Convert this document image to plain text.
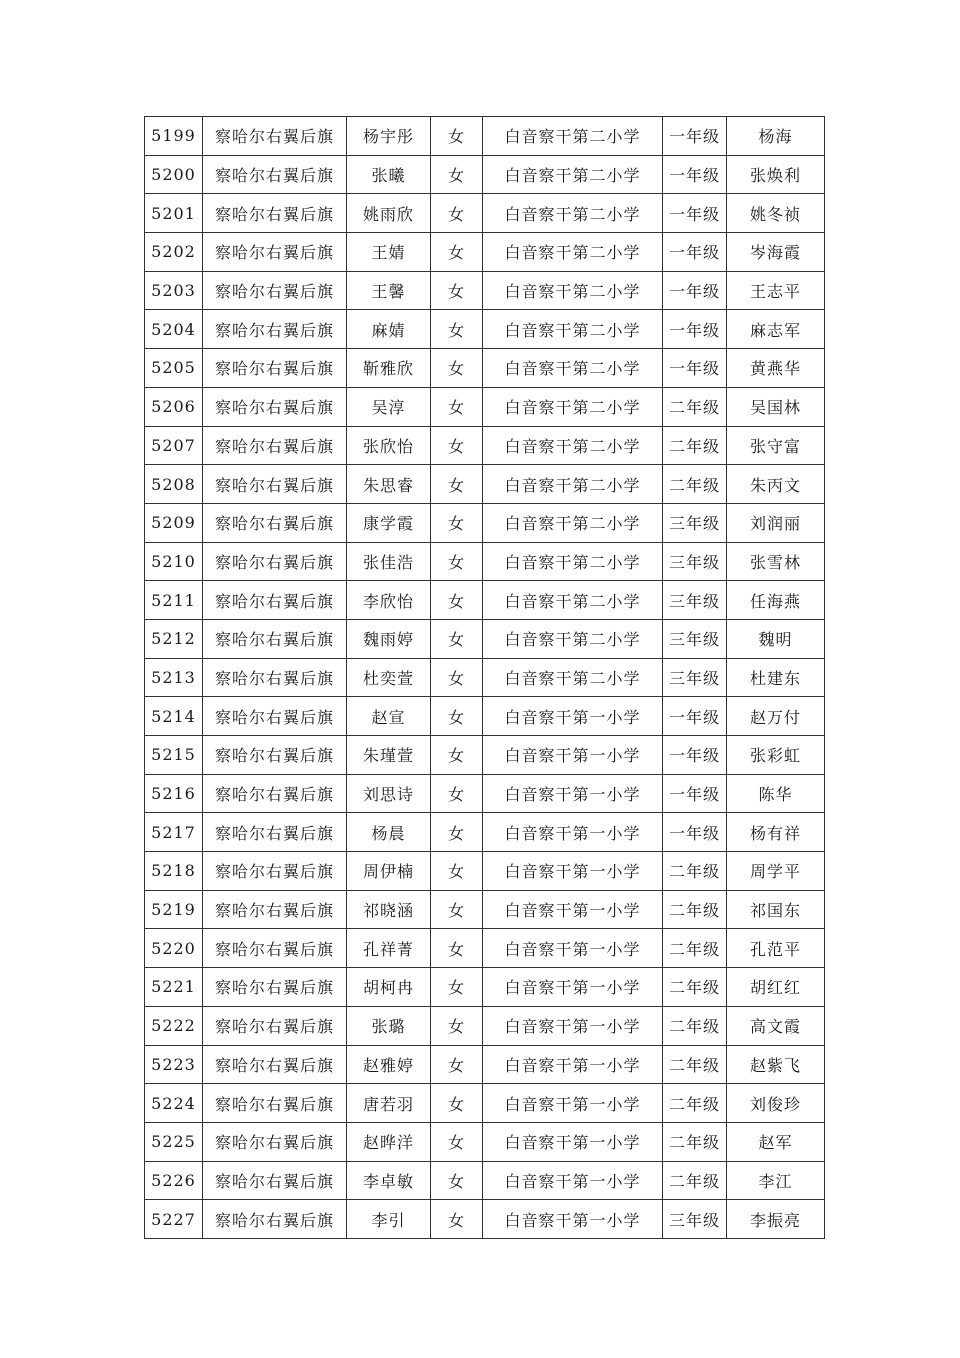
5199	察哈尔右翼后旗	杨宇彤	女	白音察干第二小学	一年级	杨海
5200	察哈尔右翼后旗	张曦	女	白音察干第二小学	一年级	张焕利
5201	察哈尔右翼后旗	姚雨欣	女	白音察干第二小学	一年级	姚冬祯
5202	察哈尔右翼后旗	王婧	女	白音察干第二小学	一年级	岑海霞
5203	察哈尔右翼后旗	王馨	女	白音察干第二小学	一年级	王志平
5204	察哈尔右翼后旗	麻婧	女	白音察干第二小学	一年级	麻志军
5205	察哈尔右翼后旗	靳雅欣	女	白音察干第二小学	一年级	黄燕华
5206	察哈尔右翼后旗	吴淳	女	白音察干第二小学	二年级	吴国林
5207	察哈尔右翼后旗	张欣怡	女	白音察干第二小学	二年级	张守富
5208	察哈尔右翼后旗	朱思睿	女	白音察干第二小学	二年级	朱丙文
5209	察哈尔右翼后旗	康学霞	女	白音察干第二小学	三年级	刘润丽
5210	察哈尔右翼后旗	张佳浩	女	白音察干第二小学	三年级	张雪林
5211	察哈尔右翼后旗	李欣怡	女	白音察干第二小学	三年级	任海燕
5212	察哈尔右翼后旗	魏雨婷	女	白音察干第二小学	三年级	魏明
5213	察哈尔右翼后旗	杜奕萱	女	白音察干第二小学	三年级	杜建东
5214	察哈尔右翼后旗	赵宣	女	白音察干第一小学	一年级	赵万付
5215	察哈尔右翼后旗	朱瑾萱	女	白音察干第一小学	一年级	张彩虹
5216	察哈尔右翼后旗	刘思诗	女	白音察干第一小学	一年级	陈华
5217	察哈尔右翼后旗	杨晨	女	白音察干第一小学	一年级	杨有祥
5218	察哈尔右翼后旗	周伊楠	女	白音察干第一小学	二年级	周学平
5219	察哈尔右翼后旗	祁晓涵	女	白音察干第一小学	二年级	祁国东
5220	察哈尔右翼后旗	孔祥菁	女	白音察干第一小学	二年级	孔范平
5221	察哈尔右翼后旗	胡柯冉	女	白音察干第一小学	二年级	胡红红
5222	察哈尔右翼后旗	张璐	女	白音察干第一小学	二年级	高文霞
5223	察哈尔右翼后旗	赵雅婷	女	白音察干第一小学	二年级	赵紫飞
5224	察哈尔右翼后旗	唐若羽	女	白音察干第一小学	二年级	刘俊珍
5225	察哈尔右翼后旗	赵晔洋	女	白音察干第一小学	二年级	赵军
5226	察哈尔右翼后旗	李卓敏	女	白音察干第一小学	二年级	李江
5227	察哈尔右翼后旗	李引	女	白音察干第一小学	三年级	李振亮
